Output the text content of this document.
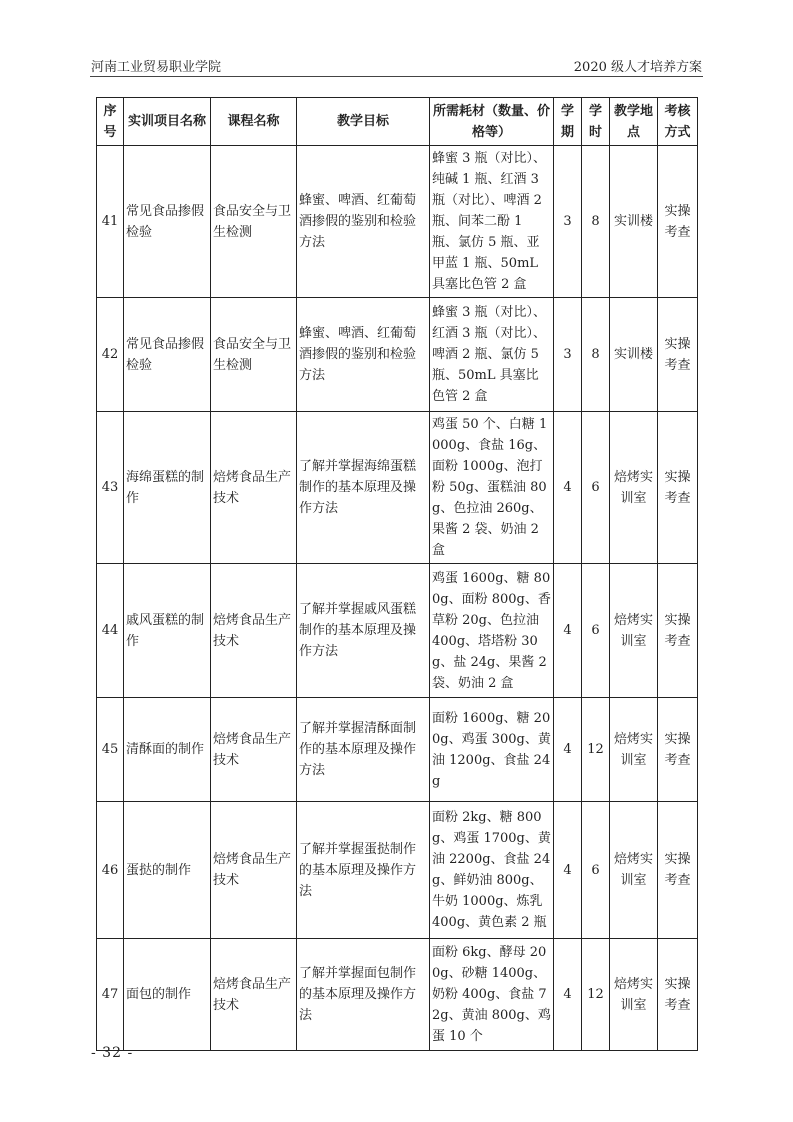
河南工业贸易职业学院	2020 级人才培养方案
序号	实训项目名称	课程名称	教学目标	所需耗材（数量、价格等）	学期	学时	教学地点	考核方式
41	常见食品掺假检验	食品安全与卫生检测	蜂蜜、啤酒、红葡萄酒掺假的鉴别和检验方法	蜂蜜 3 瓶（对比）、纯碱 1 瓶、红酒 3 瓶（对比）、啤酒 2 瓶、间苯二酚 1 瓶、氯仿 5 瓶、亚甲蓝 1 瓶、50mL 具塞比色管 2 盒	3	8	实训楼	实操考查
42	常见食品掺假检验	食品安全与卫生检测	蜂蜜、啤酒、红葡萄酒掺假的鉴别和检验方法	蜂蜜 3 瓶（对比）、红酒 3 瓶（对比）、啤酒 2 瓶、氯仿 5 瓶、50mL 具塞比色管 2 盒	3	8	实训楼	实操考查
43	海绵蛋糕的制作	焙烤食品生产技术	了解并掌握海绵蛋糕制作的基本原理及操作方法	鸡蛋 50 个、白糖 1000g、食盐 16g、面粉 1000g、泡打粉 50g、蛋糕油 80g、色拉油 260g、果酱 2 袋、奶油 2 盒	4	6	焙烤实训室	实操考查
44	戚风蛋糕的制作	焙烤食品生产技术	了解并掌握戚风蛋糕制作的基本原理及操作方法	鸡蛋 1600g、糖 800g、面粉 800g、香草粉 20g、色拉油 400g、塔塔粉 30g、盐 24g、果酱 2 袋、奶油 2 盒	4	6	焙烤实训室	实操考查
45	清酥面的制作	焙烤食品生产技术	了解并掌握清酥面制作的基本原理及操作方法	面粉 1600g、糖 200g、鸡蛋 300g、黄油 1200g、食盐 24g	4	12	焙烤实训室	实操考查
46	蛋挞的制作	焙烤食品生产技术	了解并掌握蛋挞制作的基本原理及操作方法	面粉 2kg、糖 800g、鸡蛋 1700g、黄油 2200g、食盐 24g、鲜奶油 800g、牛奶 1000g、炼乳 400g、黄色素 2 瓶	4	6	焙烤实训室	实操考查
47	面包的制作	焙烤食品生产技术	了解并掌握面包制作的基本原理及操作方法	面粉 6kg、酵母 200g、砂糖 1400g、奶粉 400g、食盐 72g、黄油 800g、鸡蛋 10 个	4	12	焙烤实训室	实操考查
- 32 -
